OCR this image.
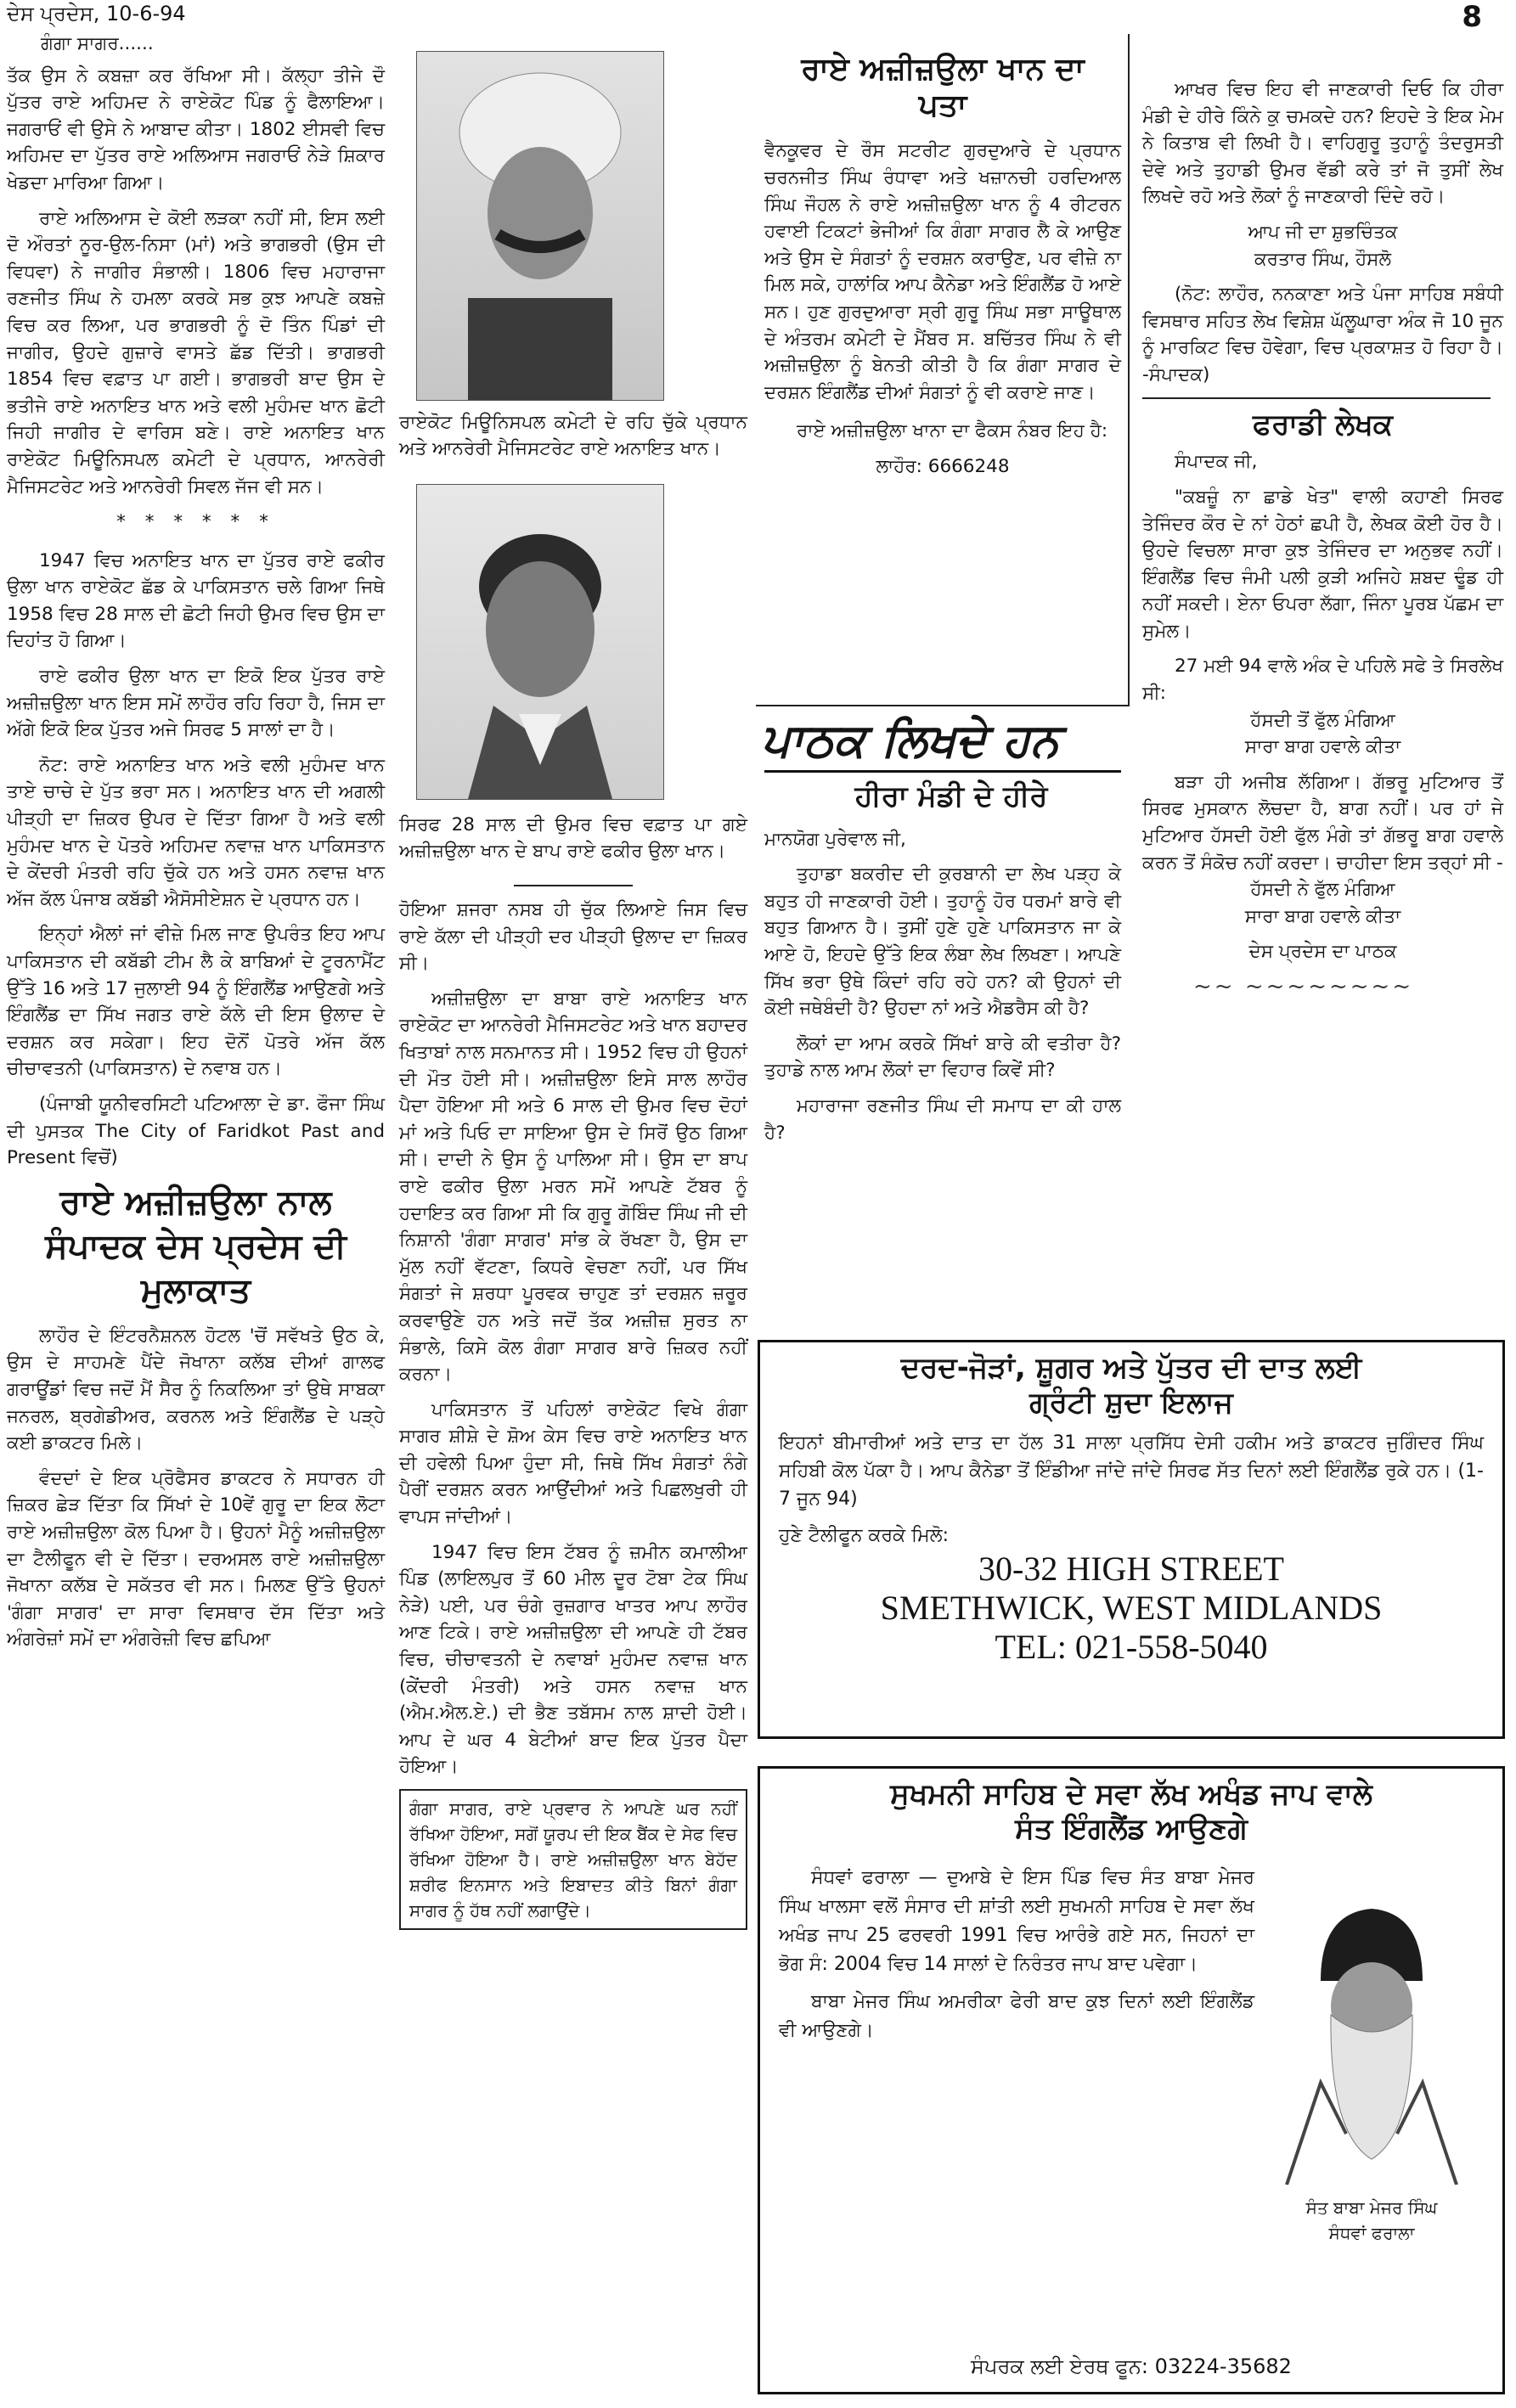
ਦੇਸ ਪ੍ਰਦੇਸ, 10-6-94	8

ਗੰਗਾ ਸਾਗਰ......

ਤੱਕ ਉਸ ਨੇ ਕਬਜ਼ਾ ਕਰ ਰੱਖਿਆ ਸੀ। ਕੱਲ੍ਹਾ ਤੀਜੇ ਦੌ ਪੁੱਤਰ ਰਾਏ ਅਹਿਮਦ ਨੇ ਰਾਏਕੋਟ ਪਿੰਡ ਨੂੰ ਫੈਲਾਇਆ। ਜਗਰਾਓਂ ਵੀ ਉਸੇ ਨੇ ਆਬਾਦ ਕੀਤਾ। 1802 ਈਸਵੀ ਵਿਚ ਅਹਿਮਦ ਦਾ ਪੁੱਤਰ ਰਾਏ ਅਲਿਆਸ ਜਗਰਾਓਂ ਨੇੜੇ ਸ਼ਿਕਾਰ ਖੇਡਦਾ ਮਾਰਿਆ ਗਿਆ।

ਰਾਏ ਅਲਿਆਸ ਦੇ ਕੋਈ ਲੜਕਾ ਨਹੀਂ ਸੀ, ਇਸ ਲਈ ਦੋ ਔਰਤਾਂ ਨੂਰ-ਉਲ-ਨਿਸਾ (ਮਾਂ) ਅਤੇ ਭਾਗਭਰੀ (ਉਸ ਦੀ ਵਿਧਵਾ) ਨੇ ਜਾਗੀਰ ਸੰਭਾਲੀ। 1806 ਵਿਚ ਮਹਾਰਾਜਾ ਰਣਜੀਤ ਸਿੰਘ ਨੇ ਹਮਲਾ ਕਰਕੇ ਸਭ ਕੁਝ ਆਪਣੇ ਕਬਜ਼ੇ ਵਿਚ ਕਰ ਲਿਆ, ਪਰ ਭਾਗਭਰੀ ਨੂੰ ਦੋ ਤਿੰਨ ਪਿੰਡਾਂ ਦੀ ਜਾਗੀਰ, ਉਹਦੇ ਗੁਜ਼ਾਰੇ ਵਾਸਤੇ ਛੱਡ ਦਿੱਤੀ। ਭਾਗਭਰੀ 1854 ਵਿਚ ਵਫ਼ਾਤ ਪਾ ਗਈ। ਭਾਗਭਰੀ ਬਾਦ ਉਸ ਦੇ ਭਤੀਜੇ ਰਾਏ ਅਨਾਇਤ ਖਾਨ ਅਤੇ ਵਲੀ ਮੁਹੰਮਦ ਖਾਨ ਛੋਟੀ ਜਿਹੀ ਜਾਗੀਰ ਦੇ ਵਾਰਿਸ ਬਣੇ। ਰਾਏ ਅਨਾਇਤ ਖਾਨ ਰਾਏਕੋਟ ਮਿਊਨਿਸਪਲ ਕਮੇਟੀ ਦੇ ਪ੍ਰਧਾਨ, ਆਨਰੇਰੀ ਮੈਜਿਸਟਰੇਟ ਅਤੇ ਆਨਰੇਰੀ ਸਿਵਲ ਜੱਜ ਵੀ ਸਨ।

* * * * * *

1947 ਵਿਚ ਅਨਾਇਤ ਖਾਨ ਦਾ ਪੁੱਤਰ ਰਾਏ ਫਕੀਰ ਉਲਾ ਖਾਨ ਰਾਏਕੋਟ ਛੱਡ ਕੇ ਪਾਕਿਸਤਾਨ ਚਲੇ ਗਿਆ ਜਿਥੇ 1958 ਵਿਚ 28 ਸਾਲ ਦੀ ਛੋਟੀ ਜਿਹੀ ਉਮਰ ਵਿਚ ਉਸ ਦਾ ਦਿਹਾਂਤ ਹੋ ਗਿਆ।

ਰਾਏ ਫਕੀਰ ਉਲਾ ਖਾਨ ਦਾ ਇਕੋ ਇਕ ਪੁੱਤਰ ਰਾਏ ਅਜ਼ੀਜ਼ਉਲਾ ਖਾਨ ਇਸ ਸਮੇਂ ਲਾਹੌਰ ਰਹਿ ਰਿਹਾ ਹੈ, ਜਿਸ ਦਾ ਅੱਗੇ ਇਕੋ ਇਕ ਪੁੱਤਰ ਅਜੇ ਸਿਰਫ 5 ਸਾਲਾਂ ਦਾ ਹੈ।

ਨੋਟ: ਰਾਏ ਅਨਾਇਤ ਖਾਨ ਅਤੇ ਵਲੀ ਮੁਹੰਮਦ ਖਾਨ ਤਾਏ ਚਾਚੇ ਦੇ ਪੁੱਤ ਭਰਾ ਸਨ। ਅਨਾਇਤ ਖਾਨ ਦੀ ਅਗਲੀ ਪੀੜ੍ਹੀ ਦਾ ਜ਼ਿਕਰ ਉਪਰ ਦੇ ਦਿੱਤਾ ਗਿਆ ਹੈ ਅਤੇ ਵਲੀ ਮੁਹੰਮਦ ਖਾਨ ਦੇ ਪੋਤਰੇ ਅਹਿਮਦ ਨਵਾਜ਼ ਖਾਨ ਪਾਕਿਸਤਾਨ ਦੇ ਕੇਂਦਰੀ ਮੰਤਰੀ ਰਹਿ ਚੁੱਕੇ ਹਨ ਅਤੇ ਹਸਨ ਨਵਾਜ਼ ਖਾਨ ਅੱਜ ਕੱਲ ਪੰਜਾਬ ਕਬੱਡੀ ਐਸੋਸੀਏਸ਼ਨ ਦੇ ਪ੍ਰਧਾਨ ਹਨ।

ਇਨ੍ਹਾਂ ਐਲਾਂ ਜਾਂ ਵੀਜ਼ੇ ਮਿਲ ਜਾਣ ਉਪਰੰਤ ਇਹ ਆਪ ਪਾਕਿਸਤਾਨ ਦੀ ਕਬੱਡੀ ਟੀਮ ਲੈ ਕੇ ਬਾਬਿਆਂ ਦੇ ਟੂਰਨਾਮੈਂਟ ਉੱਤੇ 16 ਅਤੇ 17 ਜੁਲਾਈ 94 ਨੂੰ ਇੰਗਲੈਂਡ ਆਉਣਗੇ ਅਤੇ ਇੰਗਲੈਂਡ ਦਾ ਸਿੱਖ ਜਗਤ ਰਾਏ ਕੱਲੇ ਦੀ ਇਸ ਉਲਾਦ ਦੇ ਦਰਸ਼ਨ ਕਰ ਸਕੇਗਾ। ਇਹ ਦੋਨੋਂ ਪੋਤਰੇ ਅੱਜ ਕੱਲ ਚੀਚਾਵਤਨੀ (ਪਾਕਿਸਤਾਨ) ਦੇ ਨਵਾਬ ਹਨ।

(ਪੰਜਾਬੀ ਯੂਨੀਵਰਸਿਟੀ ਪਟਿਆਲਾ ਦੇ ਡਾ. ਫੌਜਾ ਸਿੰਘ ਦੀ ਪੁਸਤਕ The City of Faridkot Past and Present ਵਿਚੋਂ)

ਰਾਏ ਅਜ਼ੀਜ਼ਉਲਾ ਨਾਲ ਸੰਪਾਦਕ ਦੇਸ ਪ੍ਰਦੇਸ ਦੀ ਮੁਲਾਕਾਤ

ਲਾਹੌਰ ਦੇ ਇੰਟਰਨੈਸ਼ਨਲ ਹੋਟਲ 'ਚੋਂ ਸਵੱਖਤੇ ਉਠ ਕੇ, ਉਸ ਦੇ ਸਾਹਮਣੇ ਪੈਂਦੇ ਜੋਖਾਨਾ ਕਲੱਬ ਦੀਆਂ ਗਾਲਫ ਗਰਾਊਂਡਾਂ ਵਿਚ ਜਦੋਂ ਮੈਂ ਸੈਰ ਨੂੰ ਨਿਕਲਿਆ ਤਾਂ ਉਥੇ ਸਾਬਕਾ ਜਨਰਲ, ਬ੍ਰਗੇਡੀਅਰ, ਕਰਨਲ ਅਤੇ ਇੰਗਲੈਂਡ ਦੇ ਪੜ੍ਹੇ ਕਈ ਡਾਕਟਰ ਮਿਲੇ।

ਵੰਦਦਾਂ ਦੇ ਇਕ ਪ੍ਰੋਫੈਸਰ ਡਾਕਟਰ ਨੇ ਸਧਾਰਨ ਹੀ ਜ਼ਿਕਰ ਛੇੜ ਦਿੱਤਾ ਕਿ ਸਿੱਖਾਂ ਦੇ 10ਵੇਂ ਗੁਰੂ ਦਾ ਇਕ ਲੋਟਾ ਰਾਏ ਅਜ਼ੀਜ਼ਉਲਾ ਕੋਲ ਪਿਆ ਹੈ। ਉਹਨਾਂ ਮੈਨੂੰ ਅਜ਼ੀਜ਼ਉਲਾ ਦਾ ਟੈਲੀਫੂਨ ਵੀ ਦੇ ਦਿੱਤਾ। ਦਰਅਸਲ ਰਾਏ ਅਜ਼ੀਜ਼ਉਲਾ ਜੋਖਾਨਾ ਕਲੱਬ ਦੇ ਸਕੱਤਰ ਵੀ ਸਨ। ਮਿਲਣ ਉੱਤੇ ਉਹਨਾਂ 'ਗੰਗਾ ਸਾਗਰ' ਦਾ ਸਾਰਾ ਵਿਸਥਾਰ ਦੱਸ ਦਿੱਤਾ ਅਤੇ ਅੰਗਰੇਜ਼ਾਂ ਸਮੇਂ ਦਾ ਅੰਗਰੇਜ਼ੀ ਵਿਚ ਛਪਿਆ

ਰਾਏਕੋਟ ਮਿਊਨਿਸਪਲ ਕਮੇਟੀ ਦੇ ਰਹਿ ਚੁੱਕੇ ਪ੍ਰਧਾਨ ਅਤੇ ਆਨਰੇਰੀ ਮੈਜਿਸਟਰੇਟ ਰਾਏ ਅਨਾਇਤ ਖਾਨ।
ਸਿਰਫ 28 ਸਾਲ ਦੀ ਉਮਰ ਵਿਚ ਵਫ਼ਾਤ ਪਾ ਗਏ ਅਜ਼ੀਜ਼ਉਲਾ ਖਾਨ ਦੇ ਬਾਪ ਰਾਏ ਫਕੀਰ ਉਲਾ ਖਾਨ।

ਹੋਇਆ ਸ਼ਜਰਾ ਨਸਬ ਹੀ ਚੁੱਕ ਲਿਆਏ ਜਿਸ ਵਿਚ ਰਾਏ ਕੱਲਾ ਦੀ ਪੀੜ੍ਹੀ ਦਰ ਪੀੜ੍ਹੀ ਉਲਾਦ ਦਾ ਜ਼ਿਕਰ ਸੀ।

ਅਜ਼ੀਜ਼ਉਲਾ ਦਾ ਬਾਬਾ ਰਾਏ ਅਨਾਇਤ ਖਾਨ ਰਾਏਕੋਟ ਦਾ ਆਨਰੇਰੀ ਮੈਜਿਸਟਰੇਟ ਅਤੇ ਖਾਨ ਬਹਾਦਰ ਖਿਤਾਬਾਂ ਨਾਲ ਸਨਮਾਨਤ ਸੀ। 1952 ਵਿਚ ਹੀ ਉਹਨਾਂ ਦੀ ਮੌਤ ਹੋਈ ਸੀ। ਅਜ਼ੀਜ਼ਉਲਾ ਇਸੇ ਸਾਲ ਲਾਹੌਰ ਪੈਦਾ ਹੋਇਆ ਸੀ ਅਤੇ 6 ਸਾਲ ਦੀ ਉਮਰ ਵਿਚ ਦੋਹਾਂ ਮਾਂ ਅਤੇ ਪਿਓ ਦਾ ਸਾਇਆ ਉਸ ਦੇ ਸਿਰੋਂ ਉਠ ਗਿਆ ਸੀ। ਦਾਦੀ ਨੇ ਉਸ ਨੂੰ ਪਾਲਿਆ ਸੀ। ਉਸ ਦਾ ਬਾਪ ਰਾਏ ਫਕੀਰ ਉਲਾ ਮਰਨ ਸਮੇਂ ਆਪਣੇ ਟੱਬਰ ਨੂੰ ਹਦਾਇਤ ਕਰ ਗਿਆ ਸੀ ਕਿ ਗੁਰੂ ਗੋਬਿੰਦ ਸਿੰਘ ਜੀ ਦੀ ਨਿਸ਼ਾਨੀ 'ਗੰਗਾ ਸਾਗਰ' ਸਾਂਭ ਕੇ ਰੱਖਣਾ ਹੈ, ਉਸ ਦਾ ਮੁੱਲ ਨਹੀਂ ਵੱਟਣਾ, ਕਿਧਰੇ ਵੇਚਣਾ ਨਹੀਂ, ਪਰ ਸਿੱਖ ਸੰਗਤਾਂ ਜੇ ਸ਼ਰਧਾ ਪੂਰਵਕ ਚਾਹੁਣ ਤਾਂ ਦਰਸ਼ਨ ਜ਼ਰੂਰ ਕਰਵਾਉਣੇ ਹਨ ਅਤੇ ਜਦੋਂ ਤੱਕ ਅਜ਼ੀਜ਼ ਸੁਰਤ ਨਾ ਸੰਭਾਲੇ, ਕਿਸੇ ਕੋਲ ਗੰਗਾ ਸਾਗਰ ਬਾਰੇ ਜ਼ਿਕਰ ਨਹੀਂ ਕਰਨਾ।

ਪਾਕਿਸਤਾਨ ਤੋਂ ਪਹਿਲਾਂ ਰਾਏਕੋਟ ਵਿਖੇ ਗੰਗਾ ਸਾਗਰ ਸ਼ੀਸ਼ੇ ਦੇ ਸ਼ੋਅ ਕੇਸ ਵਿਚ ਰਾਏ ਅਨਾਇਤ ਖਾਨ ਦੀ ਹਵੇਲੀ ਪਿਆ ਹੁੰਦਾ ਸੀ, ਜਿਥੇ ਸਿੱਖ ਸੰਗਤਾਂ ਨੰਗੇ ਪੈਰੀਂ ਦਰਸ਼ਨ ਕਰਨ ਆਉਂਦੀਆਂ ਅਤੇ ਪਿਛਲਖੁਰੀ ਹੀ ਵਾਪਸ ਜਾਂਦੀਆਂ।

1947 ਵਿਚ ਇਸ ਟੱਬਰ ਨੂੰ ਜ਼ਮੀਨ ਕਮਾਲੀਆ ਪਿੰਡ (ਲਾਇਲਪੁਰ ਤੋਂ 60 ਮੀਲ ਦੂਰ ਟੋਬਾ ਟੇਕ ਸਿੰਘ ਨੇੜੇ) ਪਈ, ਪਰ ਚੰਗੇ ਰੁਜ਼ਗਾਰ ਖਾਤਰ ਆਪ ਲਾਹੌਰ ਆਣ ਟਿਕੇ। ਰਾਏ ਅਜ਼ੀਜ਼ਉਲਾ ਦੀ ਆਪਣੇ ਹੀ ਟੱਬਰ ਵਿਚ, ਚੀਚਾਵਤਨੀ ਦੇ ਨਵਾਬਾਂ ਮੁਹੰਮਦ ਨਵਾਜ਼ ਖਾਨ (ਕੇਂਦਰੀ ਮੰਤਰੀ) ਅਤੇ ਹਸਨ ਨਵਾਜ਼ ਖਾਨ (ਐਮ.ਐਲ.ਏ.) ਦੀ ਭੈਣ ਤਬੱਸਮ ਨਾਲ ਸ਼ਾਦੀ ਹੋਈ। ਆਪ ਦੇ ਘਰ 4 ਬੇਟੀਆਂ ਬਾਦ ਇਕ ਪੁੱਤਰ ਪੈਦਾ ਹੋਇਆ।

ਗੰਗਾ ਸਾਗਰ, ਰਾਏ ਪ੍ਰਵਾਰ ਨੇ ਆਪਣੇ ਘਰ ਨਹੀਂ ਰੱਖਿਆ ਹੋਇਆ, ਸਗੋਂ ਯੂਰਪ ਦੀ ਇਕ ਬੈਂਕ ਦੇ ਸੇਫ ਵਿਚ ਰੱਖਿਆ ਹੋਇਆ ਹੈ। ਰਾਏ ਅਜ਼ੀਜ਼ਉਲਾ ਖਾਨ ਬੇਹੱਦ ਸ਼ਰੀਫ ਇਨਸਾਨ ਅਤੇ ਇਬਾਦਤ ਕੀਤੇ ਬਿਨਾਂ ਗੰਗਾ ਸਾਗਰ ਨੂੰ ਹੱਥ ਨਹੀਂ ਲਗਾਉਂਦੇ।
ਰਾਏ ਅਜ਼ੀਜ਼ਉਲਾ ਖਾਨ ਦਾ ਪਤਾ

ਵੈਨਕੂਵਰ ਦੇ ਰੌਸ ਸਟਰੀਟ ਗੁਰਦੁਆਰੇ ਦੇ ਪ੍ਰਧਾਨ ਚਰਨਜੀਤ ਸਿੰਘ ਰੰਧਾਵਾ ਅਤੇ ਖਜ਼ਾਨਚੀ ਹਰਦਿਆਲ ਸਿੰਘ ਜੌਹਲ ਨੇ ਰਾਏ ਅਜ਼ੀਜ਼ਉਲਾ ਖਾਨ ਨੂੰ 4 ਰੀਟਰਨ ਹਵਾਈ ਟਿਕਟਾਂ ਭੇਜੀਆਂ ਕਿ ਗੰਗਾ ਸਾਗਰ ਲੈ ਕੇ ਆਉਣ ਅਤੇ ਉਸ ਦੇ ਸੰਗਤਾਂ ਨੂੰ ਦਰਸ਼ਨ ਕਰਾਉਣ, ਪਰ ਵੀਜ਼ੇ ਨਾ ਮਿਲ ਸਕੇ, ਹਾਲਾਂਕਿ ਆਪ ਕੈਨੇਡਾ ਅਤੇ ਇੰਗਲੈਂਡ ਹੋ ਆਏ ਸਨ। ਹੁਣ ਗੁਰਦੁਆਰਾ ਸ੍ਰੀ ਗੁਰੂ ਸਿੰਘ ਸਭਾ ਸਾਊਥਾਲ ਦੇ ਅੰਤਰਮ ਕਮੇਟੀ ਦੇ ਮੈਂਬਰ ਸ. ਬਚਿੱਤਰ ਸਿੰਘ ਨੇ ਵੀ ਅਜ਼ੀਜ਼ਉਲਾ ਨੂੰ ਬੇਨਤੀ ਕੀਤੀ ਹੈ ਕਿ ਗੰਗਾ ਸਾਗਰ ਦੇ ਦਰਸ਼ਨ ਇੰਗਲੈਂਡ ਦੀਆਂ ਸੰਗਤਾਂ ਨੂੰ ਵੀ ਕਰਾਏ ਜਾਣ।

ਰਾਏ ਅਜ਼ੀਜ਼ਉਲਾ ਖਾਨਾ ਦਾ ਫੈਕਸ ਨੰਬਰ ਇਹ ਹੈ:

ਲਾਹੌਰ: 6666248

ਪਾਠਕ ਲਿਖਦੇ ਹਨ
ਹੀਰਾ ਮੰਡੀ ਦੇ ਹੀਰੇ

ਮਾਨਯੋਗ ਪੁਰੇਵਾਲ ਜੀ,

ਤੁਹਾਡਾ ਬਕਰੀਦ ਦੀ ਕੁਰਬਾਨੀ ਦਾ ਲੇਖ ਪੜ੍ਹ ਕੇ ਬਹੁਤ ਹੀ ਜਾਣਕਾਰੀ ਹੋਈ। ਤੁਹਾਨੂੰ ਹੋਰ ਧਰਮਾਂ ਬਾਰੇ ਵੀ ਬਹੁਤ ਗਿਆਨ ਹੈ। ਤੁਸੀਂ ਹੁਣੇ ਹੁਣੇ ਪਾਕਿਸਤਾਨ ਜਾ ਕੇ ਆਏ ਹੋ, ਇਹਦੇ ਉੱਤੇ ਇਕ ਲੰਬਾ ਲੇਖ ਲਿਖਣਾ। ਆਪਣੇ ਸਿੱਖ ਭਰਾ ਉਥੇ ਕਿੰਦਾਂ ਰਹਿ ਰਹੇ ਹਨ? ਕੀ ਉਹਨਾਂ ਦੀ ਕੋਈ ਜਥੇਬੰਦੀ ਹੈ? ਉਹਦਾ ਨਾਂ ਅਤੇ ਐਡਰੈਸ ਕੀ ਹੈ?

ਲੋਕਾਂ ਦਾ ਆਮ ਕਰਕੇ ਸਿੱਖਾਂ ਬਾਰੇ ਕੀ ਵਤੀਰਾ ਹੈ? ਤੁਹਾਡੇ ਨਾਲ ਆਮ ਲੋਕਾਂ ਦਾ ਵਿਹਾਰ ਕਿਵੇਂ ਸੀ?

ਮਹਾਰਾਜਾ ਰਣਜੀਤ ਸਿੰਘ ਦੀ ਸਮਾਧ ਦਾ ਕੀ ਹਾਲ ਹੈ?

ਆਖਰ ਵਿਚ ਇਹ ਵੀ ਜਾਣਕਾਰੀ ਦਿਓ ਕਿ ਹੀਰਾ ਮੰਡੀ ਦੇ ਹੀਰੇ ਕਿੰਨੇ ਕੁ ਚਮਕਦੇ ਹਨ? ਇਹਦੇ ਤੇ ਇਕ ਮੇਮ ਨੇ ਕਿਤਾਬ ਵੀ ਲਿਖੀ ਹੈ। ਵਾਹਿਗੁਰੂ ਤੁਹਾਨੂੰ ਤੰਦਰੁਸਤੀ ਦੇਵੇ ਅਤੇ ਤੁਹਾਡੀ ਉਮਰ ਵੱਡੀ ਕਰੇ ਤਾਂ ਜੋ ਤੁਸੀਂ ਲੇਖ ਲਿਖਦੇ ਰਹੋ ਅਤੇ ਲੋਕਾਂ ਨੂੰ ਜਾਣਕਾਰੀ ਦਿੰਦੇ ਰਹੋ।

ਆਪ ਜੀ ਦਾ ਸ਼ੁਭਚਿੰਤਕ

ਕਰਤਾਰ ਸਿੰਘ, ਹੌਸਲੋ

(ਨੋਟ: ਲਾਹੌਰ, ਨਨਕਾਣਾ ਅਤੇ ਪੰਜਾ ਸਾਹਿਬ ਸਬੰਧੀ ਵਿਸਥਾਰ ਸਹਿਤ ਲੇਖ ਵਿਸ਼ੇਸ਼ ਘੱਲੂਘਾਰਾ ਅੰਕ ਜੋ 10 ਜੂਨ ਨੂੰ ਮਾਰਕਿਟ ਵਿਚ ਹੋਵੇਗਾ, ਵਿਚ ਪ੍ਰਕਾਸ਼ਤ ਹੋ ਰਿਹਾ ਹੈ। -ਸੰਪਾਦਕ)

ਫਰਾਡੀ ਲੇਖਕ

ਸੰਪਾਦਕ ਜੀ,

"ਕਬਜ਼ੂੰ ਨਾ ਛਾਡੇ ਖੇਤ" ਵਾਲੀ ਕਹਾਣੀ ਸਿਰਫ ਤੇਜਿੰਦਰ ਕੌਰ ਦੇ ਨਾਂ ਹੇਠਾਂ ਛਪੀ ਹੈ, ਲੇਖਕ ਕੋਈ ਹੋਰ ਹੈ। ਉਹਦੇ ਵਿਚਲਾ ਸਾਰਾ ਕੁਝ ਤੇਜਿੰਦਰ ਦਾ ਅਨੁਭਵ ਨਹੀਂ। ਇੰਗਲੈਂਡ ਵਿਚ ਜੰਮੀ ਪਲੀ ਕੁੜੀ ਅਜਿਹੇ ਸ਼ਬਦ ਢੂੰਡ ਹੀ ਨਹੀਂ ਸਕਦੀ। ਏਨਾ ਓਪਰਾ ਲੱਗਾ, ਜਿੰਨਾ ਪੂਰਬ ਪੱਛਮ ਦਾ ਸੁਮੇਲ।

27 ਮਈ 94 ਵਾਲੇ ਅੰਕ ਦੇ ਪਹਿਲੇ ਸਫੇ ਤੇ ਸਿਰਲੇਖ ਸੀ:

ਹੱਸਦੀ ਤੋਂ ਫੁੱਲ ਮੰਗਿਆ

ਸਾਰਾ ਬਾਗ ਹਵਾਲੇ ਕੀਤਾ

ਬੜਾ ਹੀ ਅਜੀਬ ਲੱਗਿਆ। ਗੱਭਰੂ ਮੁਟਿਆਰ ਤੋਂ ਸਿਰਫ ਮੁਸਕਾਨ ਲੋਚਦਾ ਹੈ, ਬਾਗ ਨਹੀਂ। ਪਰ ਹਾਂ ਜੇ ਮੁਟਿਆਰ ਹੱਸਦੀ ਹੋਈ ਫੁੱਲ ਮੰਗੇ ਤਾਂ ਗੱਭਰੂ ਬਾਗ ਹਵਾਲੇ ਕਰਨ ਤੋਂ ਸੰਕੋਚ ਨਹੀਂ ਕਰਦਾ। ਚਾਹੀਦਾ ਇਸ ਤਰ੍ਹਾਂ ਸੀ -

ਹੱਸਦੀ ਨੇ ਫੁੱਲ ਮੰਗਿਆ

ਸਾਰਾ ਬਾਗ ਹਵਾਲੇ ਕੀਤਾ

ਦੇਸ ਪ੍ਰਦੇਸ ਦਾ ਪਾਠਕ

~~ ~~~~~~~~
ਦਰਦ-ਜੋੜਾਂ, ਸ਼ੂਗਰ ਅਤੇ ਪੁੱਤਰ ਦੀ ਦਾਤ ਲਈ
ਗ੍ਰੰਟੀ ਸ਼ੁਦਾ ਇਲਾਜ
ਇਹਨਾਂ ਬੀਮਾਰੀਆਂ ਅਤੇ ਦਾਤ ਦਾ ਹੱਲ 31 ਸਾਲਾ ਪ੍ਰਸਿੱਧ ਦੇਸੀ ਹਕੀਮ ਅਤੇ ਡਾਕਟਰ ਜੁਗਿੰਦਰ ਸਿੰਘ ਸਹਿਬੀ ਕੋਲ ਪੱਕਾ ਹੈ। ਆਪ ਕੈਨੇਡਾ ਤੋਂ ਇੰਡੀਆ ਜਾਂਦੇ ਜਾਂਦੇ ਸਿਰਫ ਸੱਤ ਦਿਨਾਂ ਲਈ ਇੰਗਲੈਂਡ ਰੁਕੇ ਹਨ। (1-7 ਜੂਨ 94)
ਹੁਣੇ ਟੈਲੀਫੂਨ ਕਰਕੇ ਮਿਲੋ:
30-32 HIGH STREET
SMETHWICK, WEST MIDLANDS
TEL: 021-558-5040
ਸੁਖਮਨੀ ਸਾਹਿਬ ਦੇ ਸਵਾ ਲੱਖ ਅਖੰਡ ਜਾਪ ਵਾਲੇ
ਸੰਤ ਇੰਗਲੈਂਡ ਆਉਣਗੇ

ਸੰਧਵਾਂ ਫਰਾਲਾ — ਦੁਆਬੇ ਦੇ ਇਸ ਪਿੰਡ ਵਿਚ ਸੰਤ ਬਾਬਾ ਮੇਜਰ ਸਿੰਘ ਖਾਲਸਾ ਵਲੋਂ ਸੰਸਾਰ ਦੀ ਸ਼ਾਂਤੀ ਲਈ ਸੁਖਮਨੀ ਸਾਹਿਬ ਦੇ ਸਵਾ ਲੱਖ ਅਖੰਡ ਜਾਪ 25 ਫਰਵਰੀ 1991 ਵਿਚ ਆਰੰਭੇ ਗਏ ਸਨ, ਜਿਹਨਾਂ ਦਾ ਭੋਗ ਸੰ: 2004 ਵਿਚ 14 ਸਾਲਾਂ ਦੇ ਨਿਰੰਤਰ ਜਾਪ ਬਾਦ ਪਵੇਗਾ।

ਬਾਬਾ ਮੇਜਰ ਸਿੰਘ ਅਮਰੀਕਾ ਫੇਰੀ ਬਾਦ ਕੁਝ ਦਿਨਾਂ ਲਈ ਇੰਗਲੈਂਡ ਵੀ ਆਉਣਗੇ।

ਸੰਤ ਬਾਬਾ ਮੇਜਰ ਸਿੰਘ
ਸੰਧਵਾਂ ਫਰਾਲਾ
ਸੰਪਰਕ ਲਈ ਏਰਥ ਫੂਨ: 03224-35682
